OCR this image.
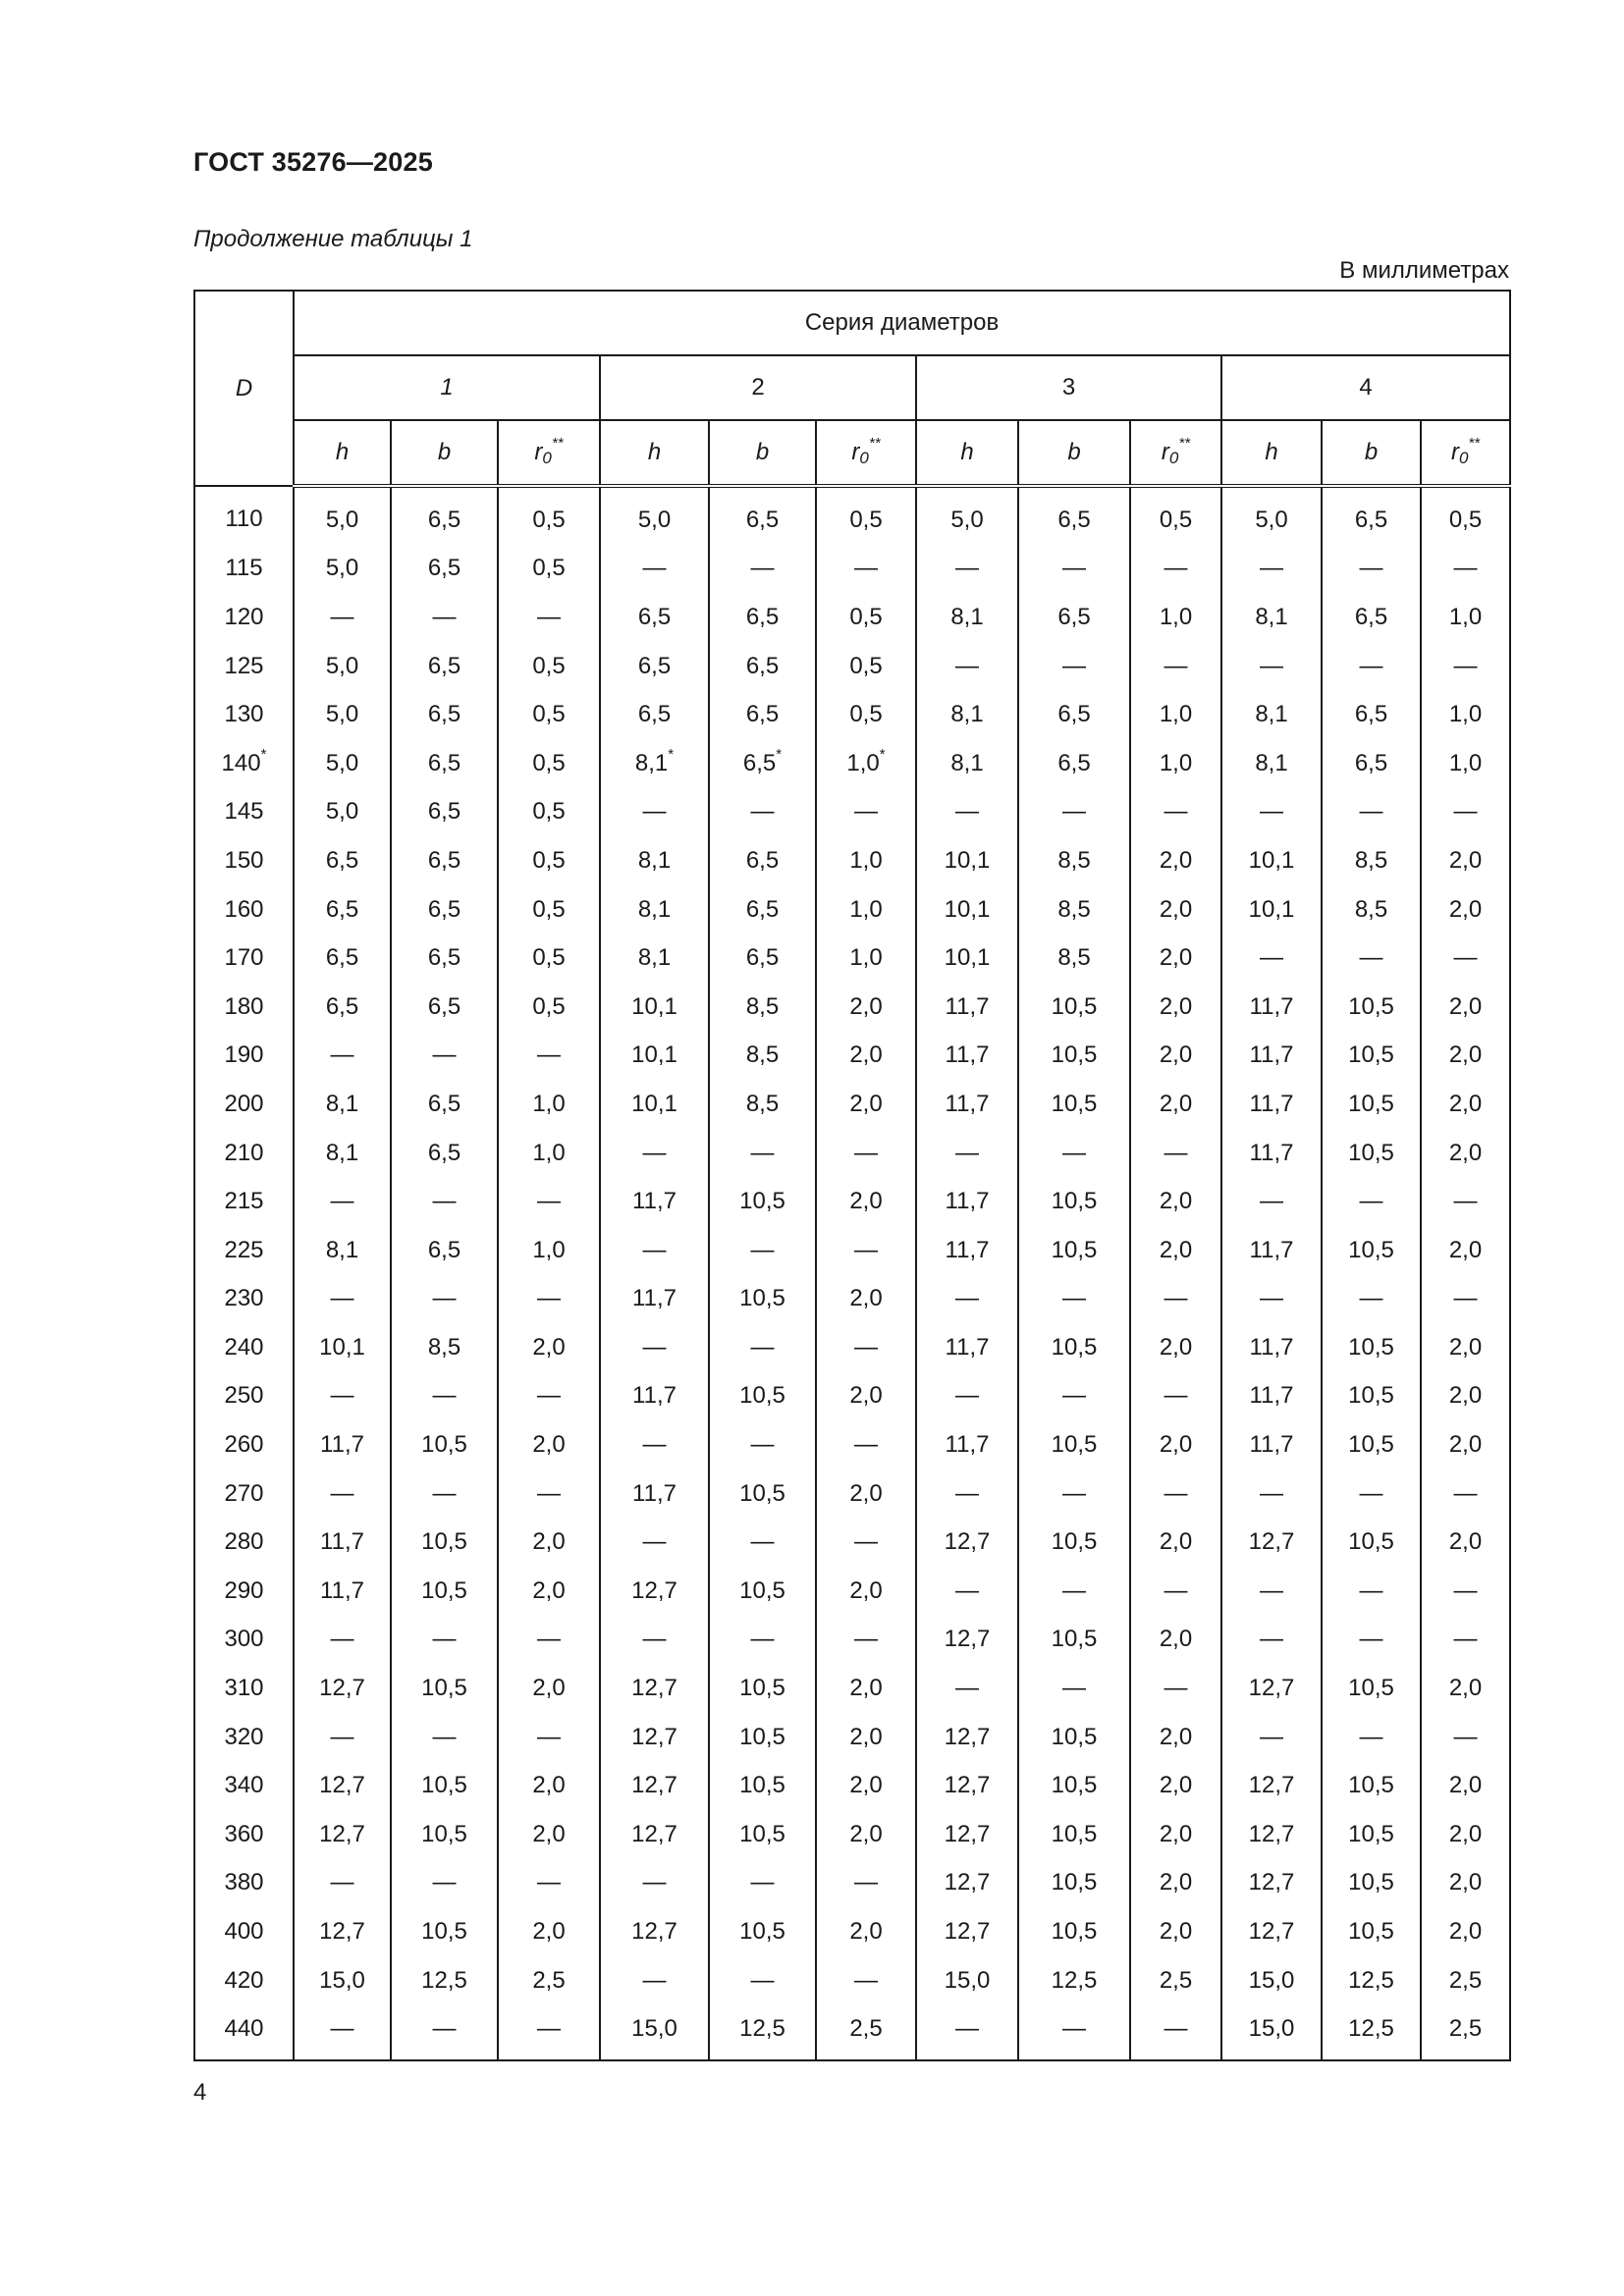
ГОСТ 35276—2025
Продолжение таблицы 1
В миллиметрах
D	Серия диаметров											
	1			2			3			4		
	h	b	$r_0^{**}$	h	b	$r_0^{**}$	h	b	$r_0^{**}$	h	b	$r_0^{**}$
110	5,0	6,5	0,5	5,0	6,5	0,5	5,0	6,5	0,5	5,0	6,5	0,5
115	5,0	6,5	0,5	—	—	—	—	—	—	—	—	—
120	—	—	—	6,5	6,5	0,5	8,1	6,5	1,0	8,1	6,5	1,0
125	5,0	6,5	0,5	6,5	6,5	0,5	—	—	—	—	—	—
130	5,0	6,5	0,5	6,5	6,5	0,5	8,1	6,5	1,0	8,1	6,5	1,0
140*	5,0	6,5	0,5	8,1*	6,5*	1,0*	8,1	6,5	1,0	8,1	6,5	1,0
145	5,0	6,5	0,5	—	—	—	—	—	—	—	—	—
150	6,5	6,5	0,5	8,1	6,5	1,0	10,1	8,5	2,0	10,1	8,5	2,0
160	6,5	6,5	0,5	8,1	6,5	1,0	10,1	8,5	2,0	10,1	8,5	2,0
170	6,5	6,5	0,5	8,1	6,5	1,0	10,1	8,5	2,0	—	—	—
180	6,5	6,5	0,5	10,1	8,5	2,0	11,7	10,5	2,0	11,7	10,5	2,0
190	—	—	—	10,1	8,5	2,0	11,7	10,5	2,0	11,7	10,5	2,0
200	8,1	6,5	1,0	10,1	8,5	2,0	11,7	10,5	2,0	11,7	10,5	2,0
210	8,1	6,5	1,0	—	—	—	—	—	—	11,7	10,5	2,0
215	—	—	—	11,7	10,5	2,0	11,7	10,5	2,0	—	—	—
225	8,1	6,5	1,0	—	—	—	11,7	10,5	2,0	11,7	10,5	2,0
230	—	—	—	11,7	10,5	2,0	—	—	—	—	—	—
240	10,1	8,5	2,0	—	—	—	11,7	10,5	2,0	11,7	10,5	2,0
250	—	—	—	11,7	10,5	2,0	—	—	—	11,7	10,5	2,0
260	11,7	10,5	2,0	—	—	—	11,7	10,5	2,0	11,7	10,5	2,0
270	—	—	—	11,7	10,5	2,0	—	—	—	—	—	—
280	11,7	10,5	2,0	—	—	—	12,7	10,5	2,0	12,7	10,5	2,0
290	11,7	10,5	2,0	12,7	10,5	2,0	—	—	—	—	—	—
300	—	—	—	—	—	—	12,7	10,5	2,0	—	—	—
310	12,7	10,5	2,0	12,7	10,5	2,0	—	—	—	12,7	10,5	2,0
320	—	—	—	12,7	10,5	2,0	12,7	10,5	2,0	—	—	—
340	12,7	10,5	2,0	12,7	10,5	2,0	12,7	10,5	2,0	12,7	10,5	2,0
360	12,7	10,5	2,0	12,7	10,5	2,0	12,7	10,5	2,0	12,7	10,5	2,0
380	—	—	—	—	—	—	12,7	10,5	2,0	12,7	10,5	2,0
400	12,7	10,5	2,0	12,7	10,5	2,0	12,7	10,5	2,0	12,7	10,5	2,0
420	15,0	12,5	2,5	—	—	—	15,0	12,5	2,5	15,0	12,5	2,5
440	—	—	—	15,0	12,5	2,5	—	—	—	15,0	12,5	2,5
4
